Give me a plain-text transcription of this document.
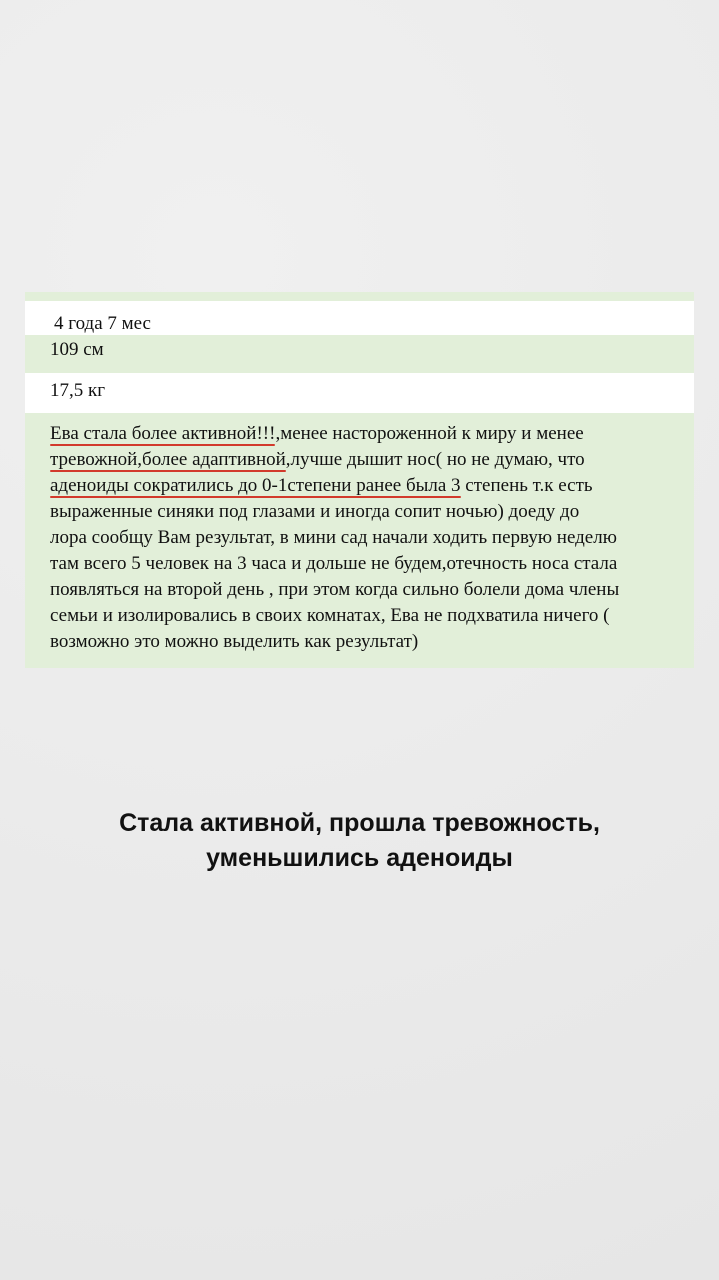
4 года 7 мес
109 см
17,5 кг
Ева стала более активной!!!,менее настороженной к миру и менее
тревожной,более адаптивной,лучше дышит нос( но не думаю, что
аденоиды сократились до 0-1степени ранее была 3 степень т.к есть
выраженные синяки под глазами и иногда сопит ночью) доеду до
лора сообщу Вам результат, в мини сад начали ходить первую неделю
там всего 5 человек на 3 часа и дольше не будем,отечность носа стала
появляться на второй день , при этом когда сильно болели дома члены
семьи и изолировались в своих комнатах, Ева не подхватила ничего (
возможно это можно выделить как результат)
Стала активной, прошла тревожность,
уменьшились аденоиды
